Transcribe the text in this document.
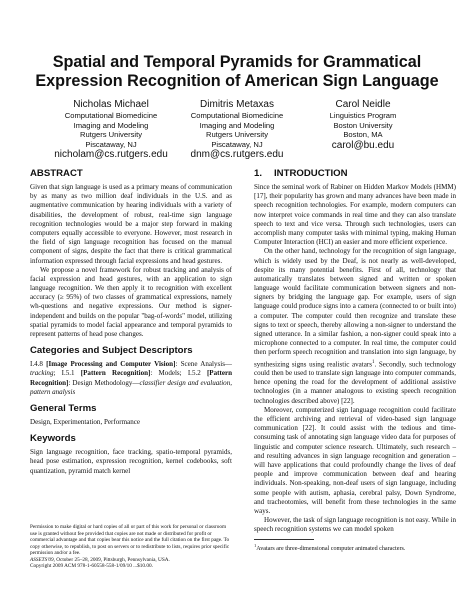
Spatial and Temporal Pyramids for Grammatical
Expression Recognition of American Sign Language
Nicholas Michael
Computational Biomedicine
Imaging and Modeling
Rutgers University
Piscataway, NJ
nicholam@cs.rutgers.edu
Dimitris Metaxas
Computational Biomedicine
Imaging and Modeling
Rutgers University
Piscataway, NJ
dnm@cs.rutgers.edu
Carol Neidle
Linguistics Program
Boston University
Boston, MA
carol@bu.edu
ABSTRACT

Given that sign language is used as a primary means of communication by as many as two million deaf individuals in the U.S. and as augmentative communication by hearing individuals with a variety of disabilities, the development of robust, real-time sign language recognition technologies would be a major step forward in making computers equally accessible to everyone. However, most research in the field of sign language recognition has focused on the manual component of signs, despite the fact that there is critical grammatical information expressed through facial expressions and head gestures.

We propose a novel framework for robust tracking and analysis of facial expression and head gestures, with an application to sign language recognition. We then apply it to recognition with excellent accuracy (≥ 95%) of two classes of grammatical expressions, namely wh-questions and negative expressions. Our method is signer-independent and builds on the popular "bag-of-words" model, utilizing spatial pyramids to model facial appearance and temporal pyramids to represent patterns of head pose changes.

Categories and Subject Descriptors

I.4.8 [Image Processing and Computer Vision]: Scene Analysis—tracking; I.5.1 [Pattern Recognition]: Models; I.5.2 [Pattern Recognition]: Design Methodology—classifier design and evaluation, pattern analysis

General Terms

Design, Experimentation, Performance

Keywords

Sign language recognition, face tracking, spatio-temporal pyramids, head pose estimation, expression recognition, kernel codebooks, soft quantization, pyramid match kernel

Permission to make digital or hard copies of all or part of this work for personal or classroom use is granted without fee provided that copies are not made or distributed for profit or commercial advantage and that copies bear this notice and the full citation on the first page. To copy otherwise, to republish, to post on servers or to redistribute to lists, requires prior specific permission and/or a fee.
ASSETS'09, October 25–28, 2009, Pittsburgh, Pennsylvania, USA.
Copyright 2009 ACM 978-1-60558-558-1/09/10 ...$10.00.
1. INTRODUCTION

Since the seminal work of Rabiner on Hidden Markov Models (HMM) [17], their popularity has grown and many advances have been made in speech recognition technologies. For example, modern computers can now interpret voice commands in real time and they can also translate speech to text and vice versa. Through such technologies, users can accomplish many computer tasks with minimal typing, making Human Computer Interaction (HCI) an easier and more efficient experience.

On the other hand, technology for the recognition of sign language, which is widely used by the Deaf, is not nearly as well-developed, despite its many potential benefits. First of all, technology that automatically translates between signed and written or spoken language would facilitate communication between signers and non-signers by bridging the language gap. For example, users of sign language could produce signs into a camera (connected to or built into) a computer. The computer could then recognize and translate these signs to text or speech, thereby allowing a non-signer to understand the signed utterance. In a similar fashion, a non-signer could speak into a microphone connected to a computer. In real time, the computer could then perform speech recognition and translation into sign language, by synthesizing signs using realistic avatars$^1$. Secondly, such technology could then be used to translate sign language into computer commands, hence opening the road for the development of additional assistive technologies (in a manner analogous to existing speech recognition technologies described above) [22].

Moreover, computerized sign language recognition could facilitate the efficient archiving and retrieval of video-based sign language communication [22]. It could assist with the tedious and time-consuming task of annotating sign language video data for purposes of linguistic and computer science research. Ultimately, such research – and resulting advances in sign language recognition and generation – will have applications that could profoundly change the lives of deaf people and improve communication between deaf and hearing individuals. Non-speaking, non-deaf users of sign language, including some people with autism, aphasia, cerebral palsy, Down Syndrome, and tracheotomies, will benefit from these technologies in the same ways.

However, the task of sign language recognition is not easy. While in speech recognition systems we can model spoken

$^1$Avatars are three-dimensional computer animated characters.
